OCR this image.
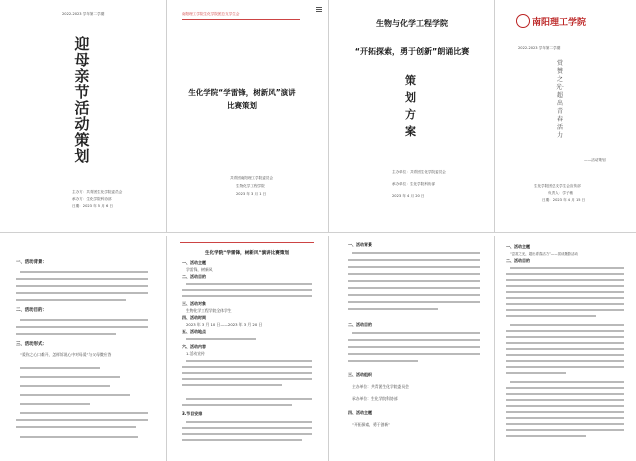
2022-2023 学年第二学期
迎母亲节活动策划
主办方：共青团生化学院委员会
承办方：生化学院科协部
日期：2023 年 5 月 6 日
南阳理工学院生化学院团总支学生会
生化学院“学雷锋，树新风”演讲比赛策划
共青团南阳理工学院委员会
生物化学工程学院
2023 年 3 月 1 日
生物与化学工程学院
“开拓探索，勇于创新”朗诵比赛
策划方案
主办单位：共青团生化学院委员会
承办单位：生化学院科协部
2023 年 4 月 20 日
南阳理工学院
2022-2023 学年第二学期
赏赞之光·超出青春活力
——活动策划
生化学院团总支学生会宣传部
负责人：学子敏
日期：2023 年 4 月 15 日
一、活动背景：
二、活动目的：
三、活动形式：
“爱你之心口难开，怎样诉说心中对母爱”与父母微应答
生化学院“学雷锋，树新风”演讲比赛策划
一、活动主题
学雷锋，树新风
二、活动目的
三、活动对象
生物化学工程学院全体学生
四、活动时间
2023 年 3 月 10 日——2023 年 3 月 20 日
五、活动地点
六、活动内容
1.活动宣传
3.节目安排
一、活动背景
二、活动目的
三、活动组织
主办单位：共青团生化学院委员会
承办单位：生化学院科协部
四、活动主题
“开拓探索，勇于创新”
一、活动主题
“尝赏之光，超出青春活力”——赏谈摄影活动
二、活动目的
